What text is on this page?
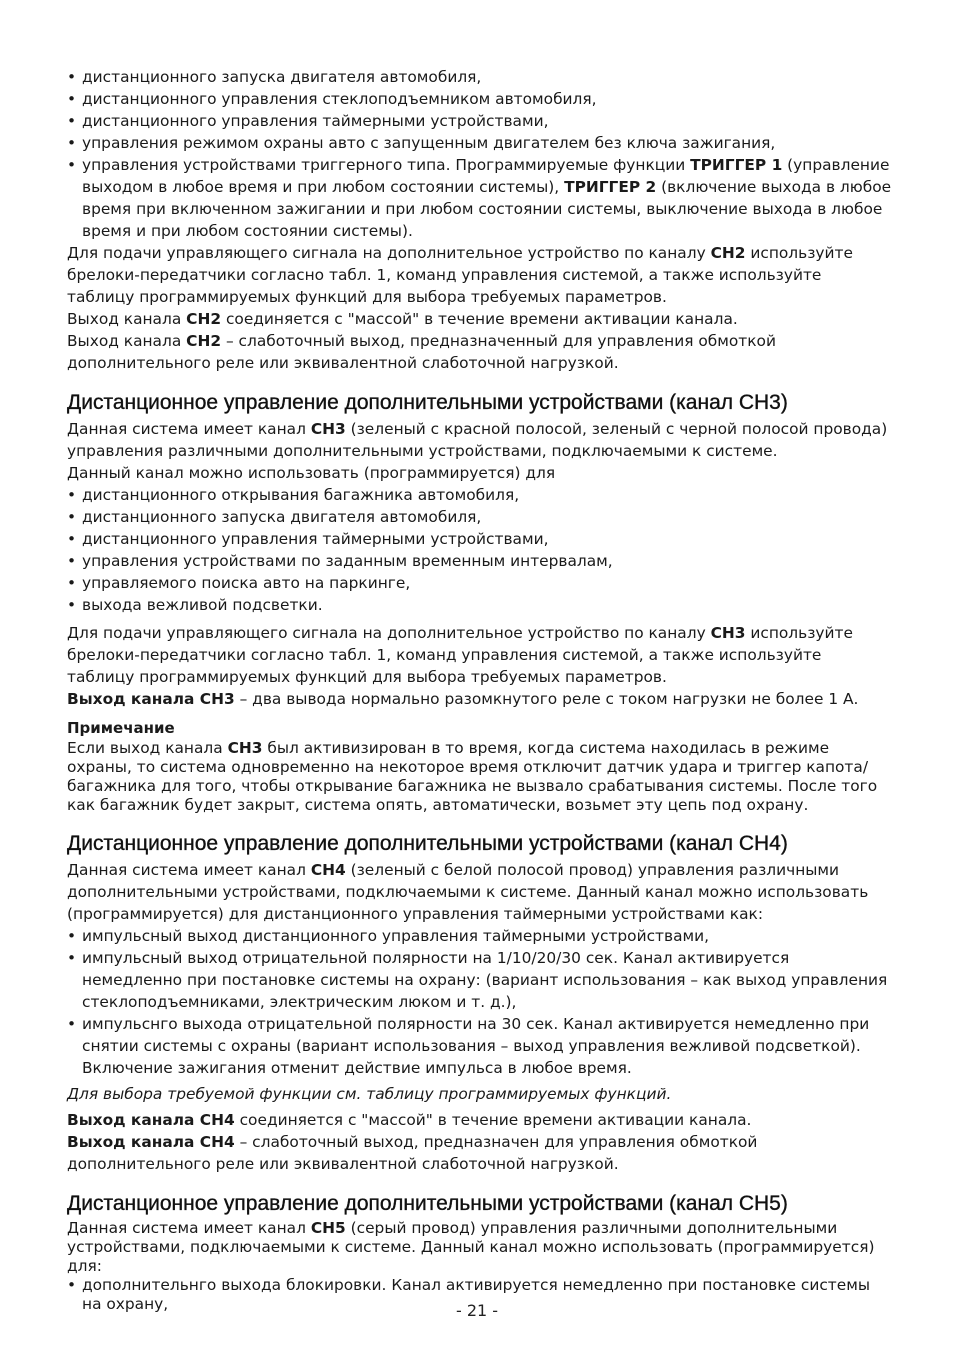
• дистанционного запуска двигателя автомобиля,
• дистанционного управления стеклоподъемником автомобиля,
• дистанционного управления таймерными устройствами,
• управления режимом охраны авто с запущенным двигателем без ключа зажигания,
• управления устройствами триггерного типа. Программируемые функции ТРИГГЕР 1 (управление выходом в любое время и при любом состоянии системы), ТРИГГЕР 2 (включение выхода в любое время при включенном зажигании и при любом состоянии системы, выключение выхода в любое время и при любом состоянии системы).

Для подачи управляющего сигнала на дополнительное устройство по каналу CH2 используйте брелоки-передатчики согласно табл. 1, команд управления системой, а также используйте таблицу программируемых функций для выбора требуемых параметров.

Выход канала CH2 соединяется с "массой" в течение времени активации канала.

Выход канала CH2 – слаботочный выход, предназначенный для управления обмоткой дополнительного реле или эквивалентной слаботочной нагрузкой.

Дистанционное управление дополнительными устройствами (канал CH3)

Данная система имеет канал CH3 (зеленый с красной полосой, зеленый с черной полосой провода) управления различными дополнительными устройствами, подключаемыми к системе.

Данный канал можно использовать (программируется) для

• дистанционного открывания багажника автомобиля,
• дистанционного запуска двигателя автомобиля,
• дистанционного управления таймерными устройствами,
• управления устройствами по заданным временным интервалам,
• управляемого поиска авто на паркинге,
• выхода вежливой подсветки.

Для подачи управляющего сигнала на дополнительное устройство по каналу CH3 используйте брелоки-передатчики согласно табл. 1, команд управления системой, а также используйте таблицу программируемых функций для выбора требуемых параметров.

Выход канала CH3 – два вывода нормально разомкнутого реле с током нагрузки не более 1 А.

Примечание

Если выход канала CH3 был активизирован в то время, когда система находилась в режиме охраны, то система одновременно на некоторое время отключит датчик удара и триггер капота/багажника для того, чтобы открывание багажника не вызвало срабатывания системы. После того как багажник будет закрыт, система опять, автоматически, возьмет эту цепь под охрану.

Дистанционное управление дополнительными устройствами (канал CH4)

Данная система имеет канал CH4 (зеленый с белой полосой провод) управления различными дополнительными устройствами, подключаемыми к системе. Данный канал можно использовать (программируется) для дистанционного управления таймерными устройствами как:

• импульсный выход дистанционного управления таймерными устройствами,
• импульсный выход отрицательной полярности на 1/10/20/30 сек. Канал активируется немедленно при постановке системы на охрану: (вариант использования – как выход управления стеклоподъемниками, электрическим люком и т. д.),
• импульснго выхода отрицательной полярности на 30 сек. Канал активируется немедленно при снятии системы с охраны (вариант использования – выход управления вежливой подсветкой). Включение зажигания отменит действие импульса в любое время.

Для выбора требуемой функции см. таблицу программируемых функций.

Выход канала CH4 соединяется с "массой" в течение времени активации канала.

Выход канала CH4 – слаботочный выход, предназначен для управления обмоткой дополнительного реле или эквивалентной слаботочной нагрузкой.

Дистанционное управление дополнительными устройствами (канал CH5)

Данная система имеет канал CH5 (серый провод) управления различными дополнительными устройствами, подключаемыми к системе. Данный канал можно использовать (программируется) для:

• дополнительнго выхода блокировки. Канал активируется немедленно при постановке системы на охрану,	- 21 -
